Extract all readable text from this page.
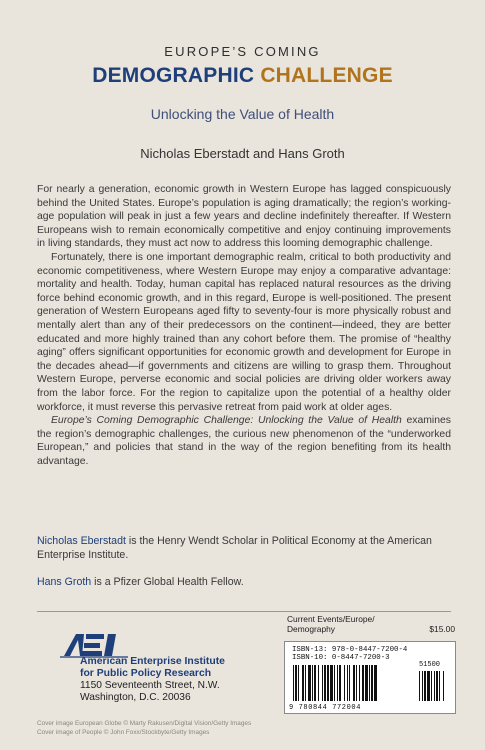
EUROPE’S COMING
DEMOGRAPHIC CHALLENGE
Unlocking the Value of Health
Nicholas Eberstadt and Hans Groth

For nearly a generation, economic growth in Western Europe has lagged conspicuously behind the United States. Europe’s population is aging dramatically; the region’s working-age population will peak in just a few years and decline indefinitely thereafter. If Western Europeans wish to remain economically competitive and enjoy continuing improvements in living standards, they must act now to address this looming demographic challenge.

Fortunately, there is one important demographic realm, critical to both productivity and economic competitiveness, where Western Europe may enjoy a comparative advantage: mortality and health. Today, human capital has replaced natural resources as the driving force behind economic growth, and in this regard, Europe is well-positioned. The present generation of Western Europeans aged fifty to seventy-four is more physically robust and mentally alert than any of their predecessors on the continent—indeed, they are better educated and more highly trained than any cohort before them. The promise of “healthy aging” offers significant opportunities for economic growth and development for Europe in the decades ahead—if governments and citizens are willing to grasp them. Throughout Western Europe, perverse economic and social policies are driving older workers away from the labor force. For the region to capitalize upon the potential of a healthy older workforce, it must reverse this pervasive retreat from paid work at older ages.

Europe’s Coming Demographic Challenge: Unlocking the Value of Health examines the region’s demographic challenges, the curious new phenomenon of the “underworked European,” and policies that stand in the way of the region benefiting from its health advantage.

Nicholas Eberstadt is the Henry Wendt Scholar in Political Economy at the American Enterprise Institute.
Hans Groth is a Pfizer Global Health Fellow.
Current Events/Europe/
Demography	$15.00
ISBN-13: 978-0-8447-7200-4
ISBN-10: 0-8447-7200-3
51500
9 780844 772004
American Enterprise Institute
for Public Policy Research
1150 Seventeenth Street, N.W.
Washington, D.C. 20036
Cover image European Globe © Marty Rakusen/Digital Vision/Getty Images
Cover image of People © John Foxx/Stockbyte/Getty Images
